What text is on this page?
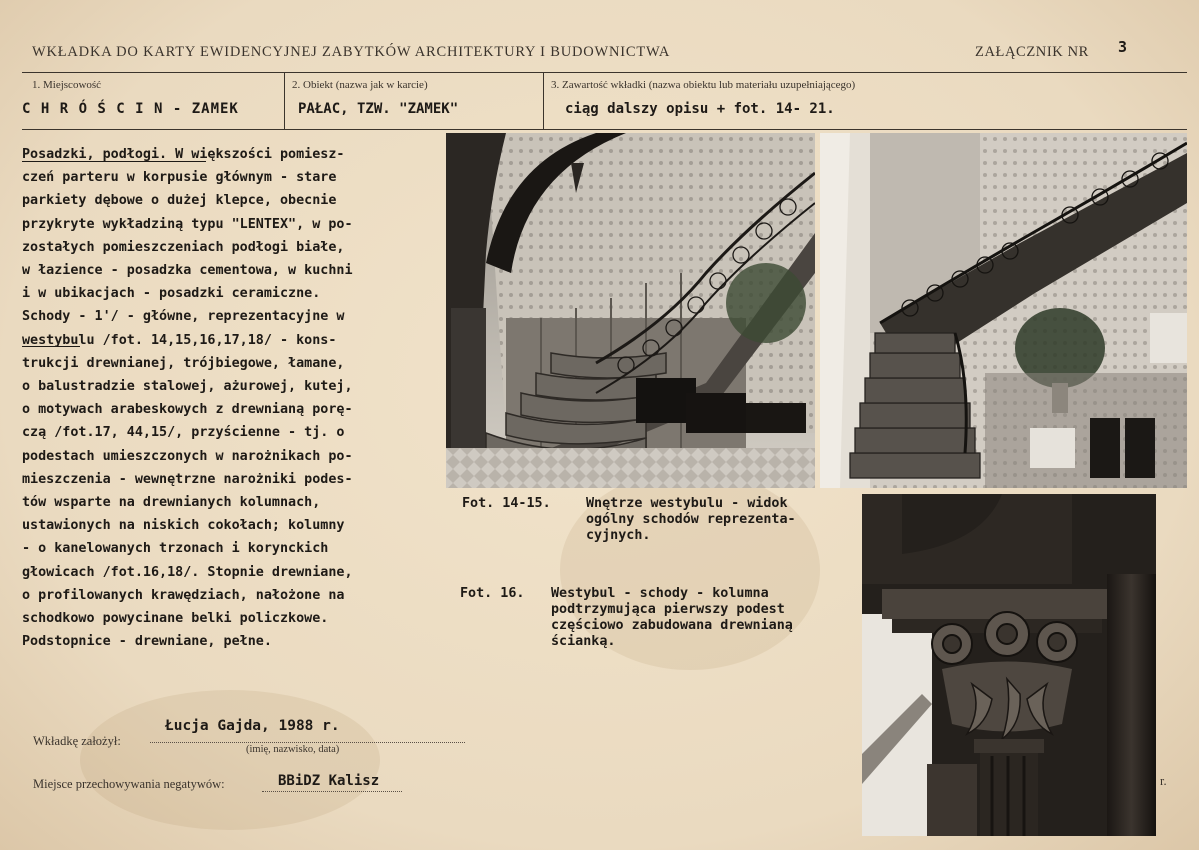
WKŁADKA DO KARTY EWIDENCYJNEJ ZABYTKÓW ARCHITEKTURY I BUDOWNICTWA	ZAŁĄCZNIK NR 3
1. Miejscowość
C H R Ó Ś C I N - ZAMEK
2. Obiekt (nazwa jak w karcie)
PAŁAC, TZW. "ZAMEK"
3. Zawartość wkładki (nazwa obiektu lub materiału uzupełniającego)
ciąg dalszy opisu + fot. 14- 21.
Posadzki, podłogi. W większości pomiesz-
czeń parteru w korpusie głównym - stare
parkiety dębowe o dużej klepce, obecnie
przykryte wykładziną typu "LENTEX", w po-
zostałych pomieszczeniach podłogi białe,
w łazience - posadzka cementowa, w kuchni
i w ubikacjach - posadzki ceramiczne.
Schody - 1'/ - główne, reprezentacyjne w
westybulu /fot. 14,15,16,17,18/ - kons-
trukcji drewnianej, trójbiegowe, łamane,
o balustradzie stalowej, ażurowej, kutej,
o motywach arabeskowych z drewnianą porę-
czą /fot.17, 44,15/, przyścienne - tj. o
podestach umieszczonych w narożnikach po-
mieszczenia - wewnętrzne narożniki podes-
tów wsparte na drewnianych kolumnach,
ustawionych na niskich cokołach; kolumny
- o kanelowanych trzonach i korynckich
głowicach /fot.16,18/. Stopnie drewniane,
o profilowanych krawędziach, nałożone na
schodkowo powycinane belki policzkowe.
Podstopnice - drewniane, pełne.
Fot. 14-15.	Wnętrze westybulu - widok
ogólny schodów reprezenta-
cyjnych.
Fot. 16. Westybul - schody - kolumna
podtrzymująca pierwszy podest
częściowo zabudowana drewnianą
ścianką.
Wkładkę założył:
Łucja Gajda, 1988 r.
(imię, nazwisko, data)
Miejsce przechowywania negatywów:	BBiDZ Kalisz	r.
